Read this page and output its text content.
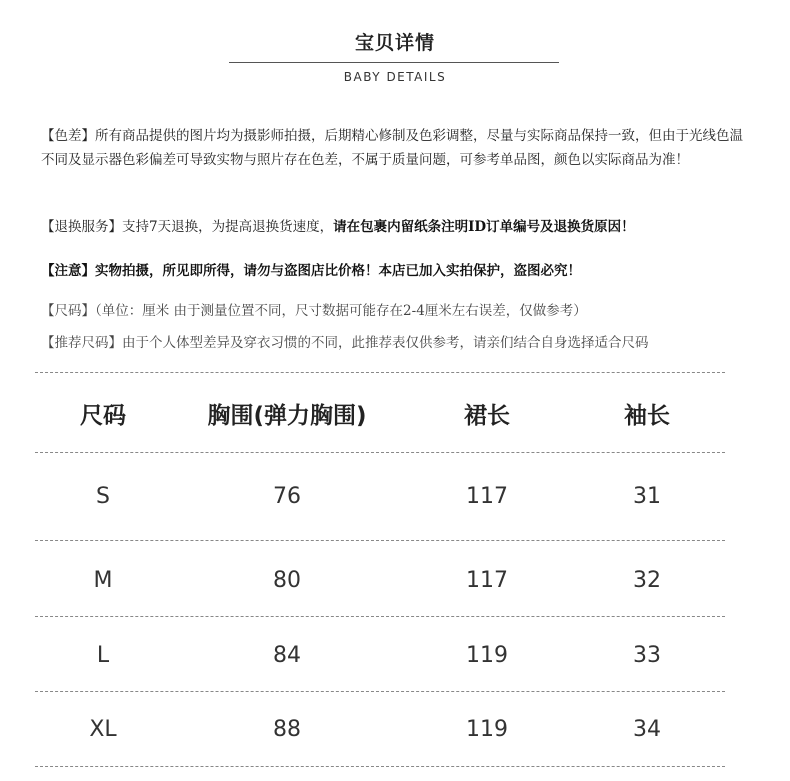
宝贝详情
BABY DETAILS

【色差】所有商品提供的图片均为摄影师拍摄，后期精心修制及色彩调整，尽量与实际商品保持一致，但由于光线色温不同及显示器色彩偏差可导致实物与照片存在色差，不属于质量问题，可参考单品图，颜色以实际商品为准！

【退换服务】支持7天退换，为提高退换货速度，请在包裹内留纸条注明ID订单编号及退换货原因！

【注意】实物拍摄，所见即所得，请勿与盗图店比价格！本店已加入实拍保护，盗图必究！

【尺码】（单位：厘米 由于测量位置不同，尺寸数据可能存在2-4厘米左右误差，仅做参考）

【推荐尺码】由于个人体型差异及穿衣习惯的不同，此推荐表仅供参考，请亲们结合自身选择适合尺码

尺码	胸围(弹力胸围)	裙长	袖长
S	76	117	31
M	80	117	32
L	84	119	33
XL	88	119	34
